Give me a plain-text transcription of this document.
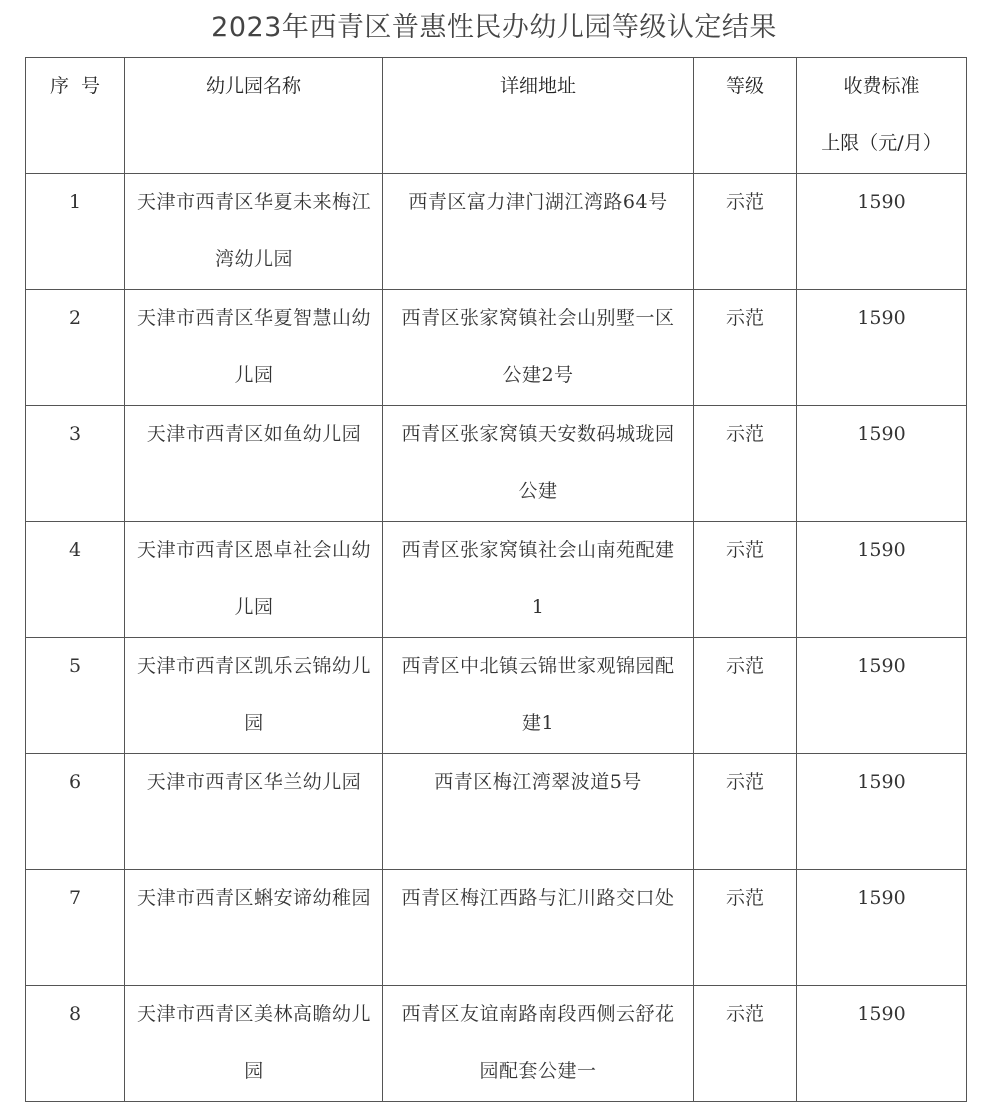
2023年西青区普惠性民办幼儿园等级认定结果
序  号	幼儿园名称	详细地址	等级	收费标准
上限（元/月）

1	天津市西青区华夏未来梅江湾幼儿园	西青区富力津门湖江湾路64号	示范	1590

2	天津市西青区华夏智慧山幼儿园	西青区张家窝镇社会山别墅一区公建2号	示范	1590

3	天津市西青区如鱼幼儿园	西青区张家窝镇天安数码城珑园公建	示范	1590

4	天津市西青区恩卓社会山幼儿园	西青区张家窝镇社会山南苑配建1	示范	1590

5	天津市西青区凯乐云锦幼儿园	西青区中北镇云锦世家观锦园配建1	示范	1590

6	天津市西青区华兰幼儿园	西青区梅江湾翠波道5号	示范	1590

7	天津市西青区蝌安谛幼稚园	西青区梅江西路与汇川路交口处	示范	1590

8	天津市西青区美林高瞻幼儿园	西青区友谊南路南段西侧云舒花园配套公建一	示范	1590
